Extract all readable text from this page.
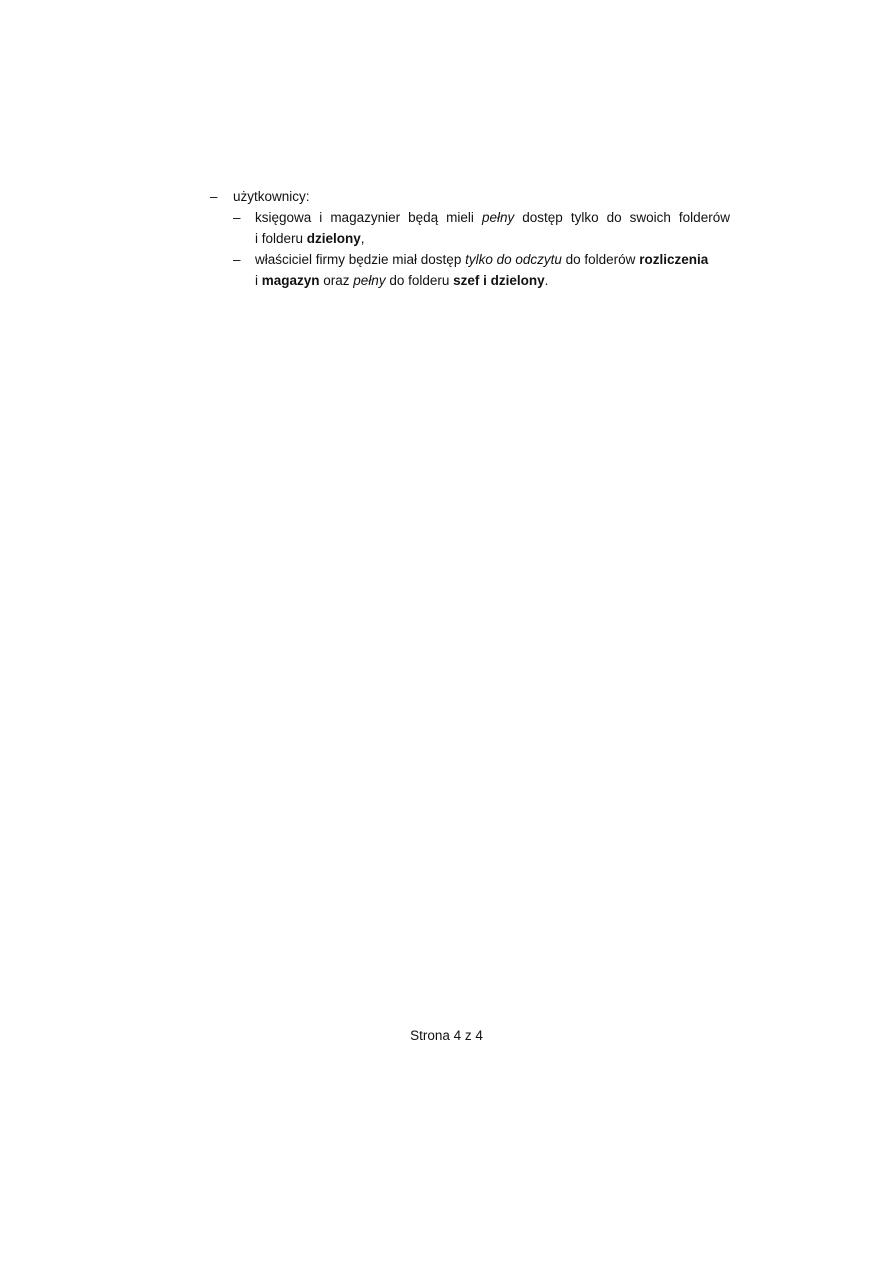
– użytkownicy:
– księgowa i magazynier będą mieli pełny dostęp tylko do swoich folderów
i folderu dzielony,
– właściciel firmy będzie miał dostęp tylko do odczytu do folderów rozliczenia
i magazyn oraz pełny do folderu szef i dzielony.
Strona 4 z 4
